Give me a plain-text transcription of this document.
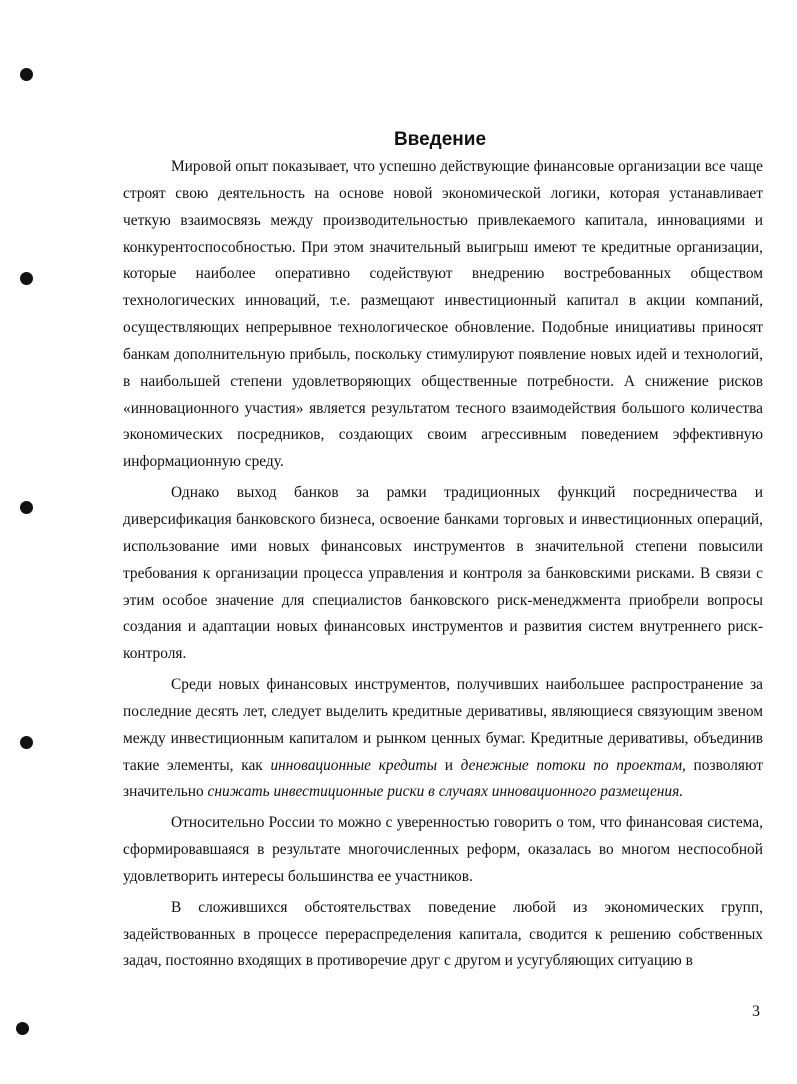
Введение

Мировой опыт показывает, что успешно действующие финансовые организации все чаще строят свою деятельность на основе новой экономической логики, которая устанавливает четкую взаимосвязь между производительностью привлекаемого капитала, инновациями и конкурентоспособностью. При этом значительный выигрыш имеют те кредитные организации, которые наиболее оперативно содействуют внедрению востребованных обществом технологических инноваций, т.е. размещают инвестиционный капитал в акции компаний, осуществляющих непрерывное технологическое обновление. Подобные инициативы приносят банкам дополнительную прибыль, поскольку стимулируют появление новых идей и технологий, в наибольшей степени удовлетворяющих общественные потребности. А снижение рисков «инновационного участия» является результатом тесного взаимодействия большого количества экономических посредников, создающих своим агрессивным поведением эффективную информационную среду.

Однако выход банков за рамки традиционных функций посредничества и диверсификация банковского бизнеса, освоение банками торговых и инвестиционных операций, использование ими новых финансовых инструментов в значительной степени повысили требования к организации процесса управления и контроля за банковскими рисками. В связи с этим особое значение для специалистов банковского риск-менеджмента приобрели вопросы создания и адаптации новых финансовых инструментов и развития систем внутреннего риск-контроля.

Среди новых финансовых инструментов, получивших наибольшее распространение за последние десять лет, следует выделить кредитные деривативы, являющиеся связующим звеном между инвестиционным капиталом и рынком ценных бумаг. Кредитные деривативы, объединив такие элементы, как инновационные кредиты и денежные потоки по проектам, позволяют значительно снижать инвестиционные риски в случаях инновационного размещения.

Относительно России то можно с уверенностью говорить о том, что финансовая система, сформировавшаяся в результате многочисленных реформ, оказалась во многом неспособной удовлетворить интересы большинства ее участников.

В сложившихся обстоятельствах поведение любой из экономических групп, задействованных в процессе перераспределения капитала, сводится к решению собственных задач, постоянно входящих в противоречие друг с другом и усугубляющих ситуацию в

3
